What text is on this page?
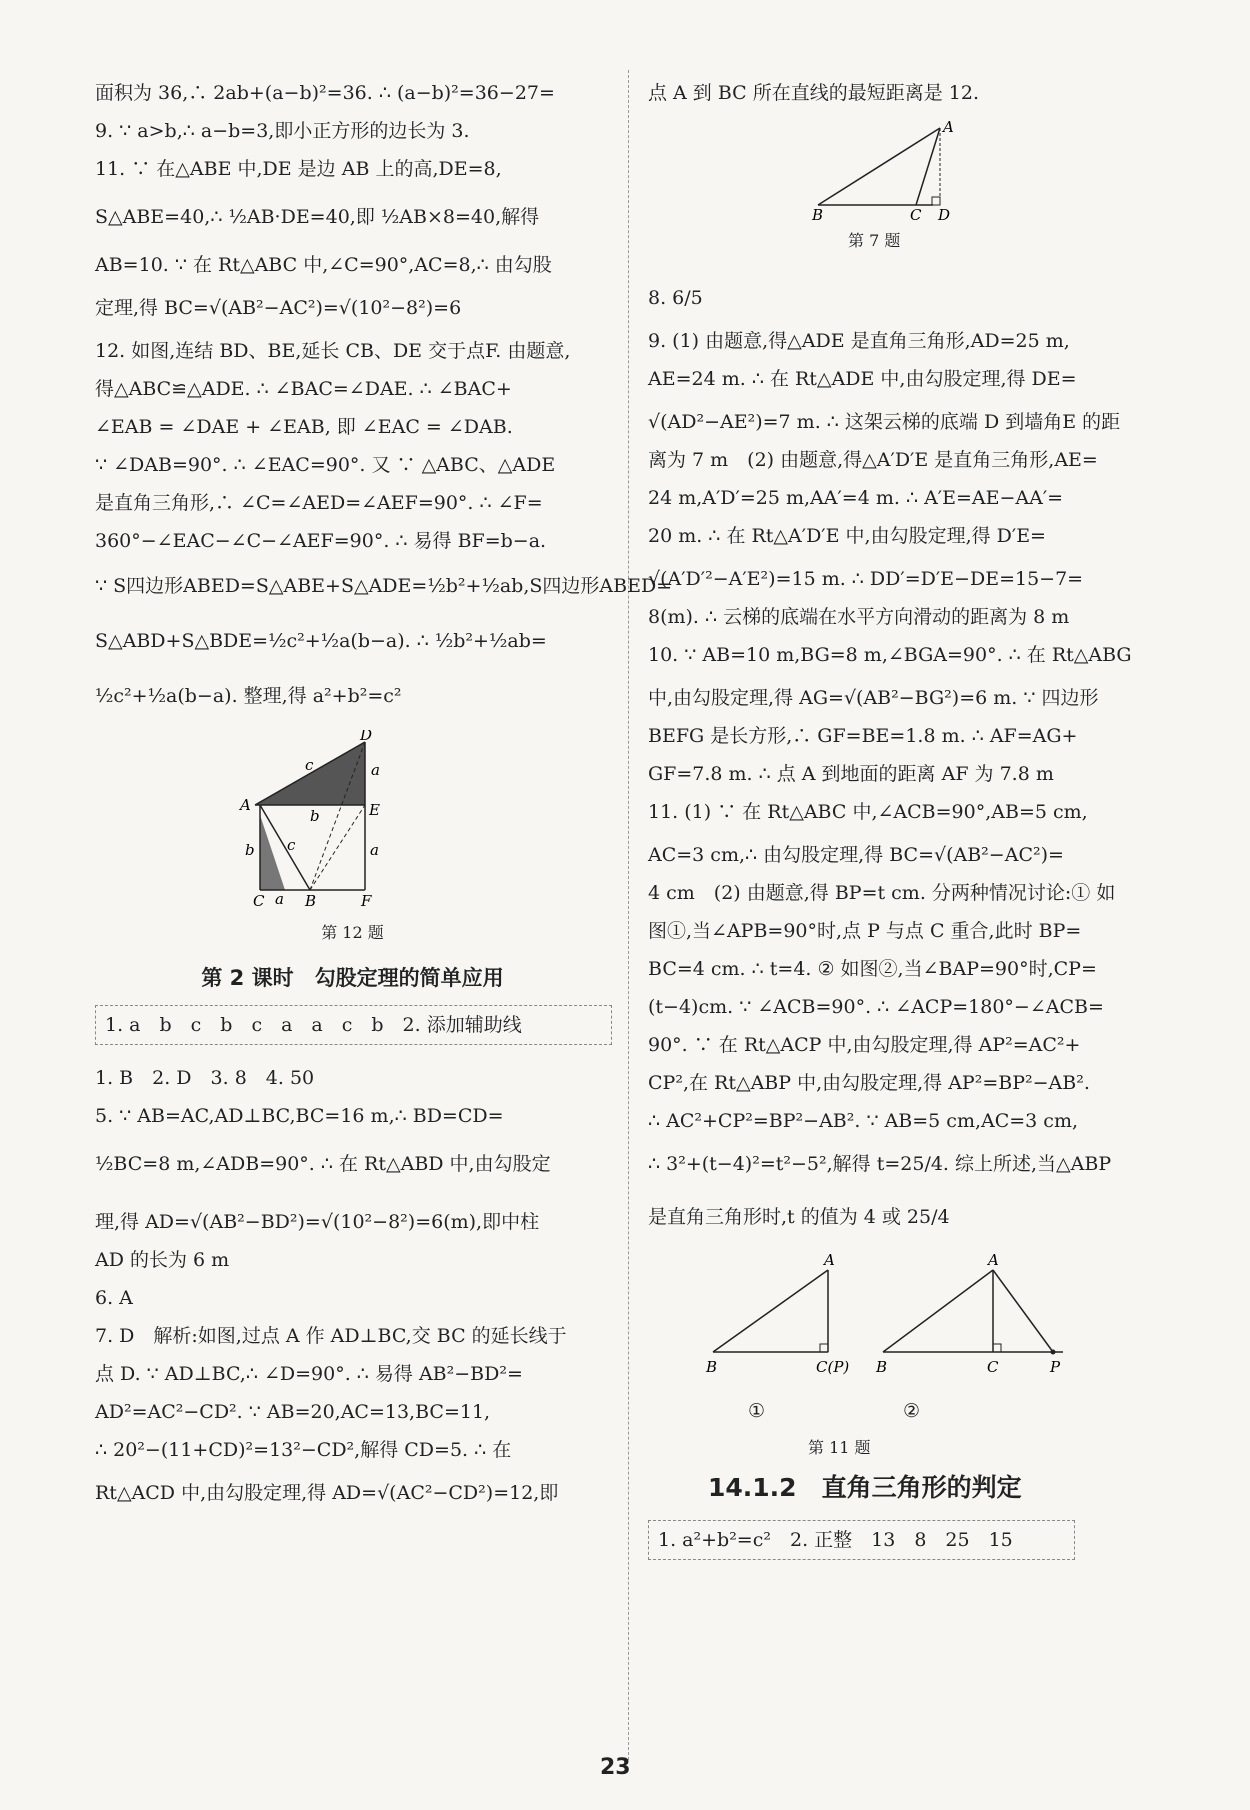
面积为 36,∴ 2ab+(a−b)²=36. ∴ (a−b)²=36−27=
9. ∵ a>b,∴ a−b=3,即小正方形的边长为 3.
11. ∵ 在△ABE 中,DE 是边 AB 上的高,DE=8,
S△ABE=40,∴ ½AB·DE=40,即 ½AB×8=40,解得
AB=10. ∵ 在 Rt△ABC 中,∠C=90°,AC=8,∴ 由勾股
定理,得 BC=√(AB²−AC²)=√(10²−8²)=6
12. 如图,连结 BD、BE,延长 CB、DE 交于点F. 由题意,
得△ABC≌△ADE. ∴ ∠BAC=∠DAE. ∴ ∠BAC+
∠EAB = ∠DAE + ∠EAB, 即 ∠EAC = ∠DAB.
∵ ∠DAB=90°. ∴ ∠EAC=90°. 又 ∵ △ABC、△ADE
是直角三角形,∴ ∠C=∠AED=∠AEF=90°. ∴ ∠F=
360°−∠EAC−∠C−∠AEF=90°. ∴ 易得 BF=b−a.
∵ S四边形ABED=S△ABE+S△ADE=½b²+½ab,S四边形ABED=
S△ABD+S△BDE=½c²+½a(b−a). ∴ ½b²+½ab=
½c²+½a(b−a). 整理,得 a²+b²=c²
D
A	E
C	B	F
a
b
c
a
b c	a
第 12 题
第 2 课时　勾股定理的简单应用
1. a　b　c　b　c　a　a　c　b　2. 添加辅助线
1. B　2. D　3. 8　4. 50
5. ∵ AB=AC,AD⊥BC,BC=16 m,∴ BD=CD=
½BC=8 m,∠ADB=90°. ∴ 在 Rt△ABD 中,由勾股定
理,得 AD=√(AB²−BD²)=√(10²−8²)=6(m),即中柱
AD 的长为 6 m
6. A
7. D　解析:如图,过点 A 作 AD⊥BC,交 BC 的延长线于
点 D. ∵ AD⊥BC,∴ ∠D=90°. ∴ 易得 AB²−BD²=
AD²=AC²−CD². ∵ AB=20,AC=13,BC=11,
∴ 20²−(11+CD)²=13²−CD²,解得 CD=5. ∴ 在
Rt△ACD 中,由勾股定理,得 AD=√(AC²−CD²)=12,即
点 A 到 BC 所在直线的最短距离是 12.
A
B	C D
第 7 题
8. 6/5
9. (1) 由题意,得△ADE 是直角三角形,AD=25 m,
AE=24 m. ∴ 在 Rt△ADE 中,由勾股定理,得 DE=
√(AD²−AE²)=7 m. ∴ 这架云梯的底端 D 到墙角E 的距
离为 7 m　(2) 由题意,得△A′D′E 是直角三角形,AE=
24 m,A′D′=25 m,AA′=4 m. ∴ A′E=AE−AA′=
20 m. ∴ 在 Rt△A′D′E 中,由勾股定理,得 D′E=
√(A′D′²−A′E²)=15 m. ∴ DD′=D′E−DE=15−7=
8(m). ∴ 云梯的底端在水平方向滑动的距离为 8 m
10. ∵ AB=10 m,BG=8 m,∠BGA=90°. ∴ 在 Rt△ABG
中,由勾股定理,得 AG=√(AB²−BG²)=6 m. ∵ 四边形
BEFG 是长方形,∴ GF=BE=1.8 m. ∴ AF=AG+
GF=7.8 m. ∴ 点 A 到地面的距离 AF 为 7.8 m
11. (1) ∵ 在 Rt△ABC 中,∠ACB=90°,AB=5 cm,
AC=3 cm,∴ 由勾股定理,得 BC=√(AB²−AC²)=
4 cm　(2) 由题意,得 BP=t cm. 分两种情况讨论:① 如
图①,当∠APB=90°时,点 P 与点 C 重合,此时 BP=
BC=4 cm. ∴ t=4. ② 如图②,当∠BAP=90°时,CP=
(t−4)cm. ∵ ∠ACB=90°. ∴ ∠ACP=180°−∠ACB=
90°. ∵ 在 Rt△ACP 中,由勾股定理,得 AP²=AC²+
CP²,在 Rt△ABP 中,由勾股定理,得 AP²=BP²−AB².
∴ AC²+CP²=BP²−AB². ∵ AB=5 cm,AC=3 cm,
∴ 3²+(t−4)²=t²−5²,解得 t=25/4. 综上所述,当△ABP
是直角三角形时,t 的值为 4 或 25/4
A
B	C(P)
A
B	C	P
①	②
第 11 题
14.1.2　直角三角形的判定
1. a²+b²=c²　2. 正整　13　8　25　15
23
